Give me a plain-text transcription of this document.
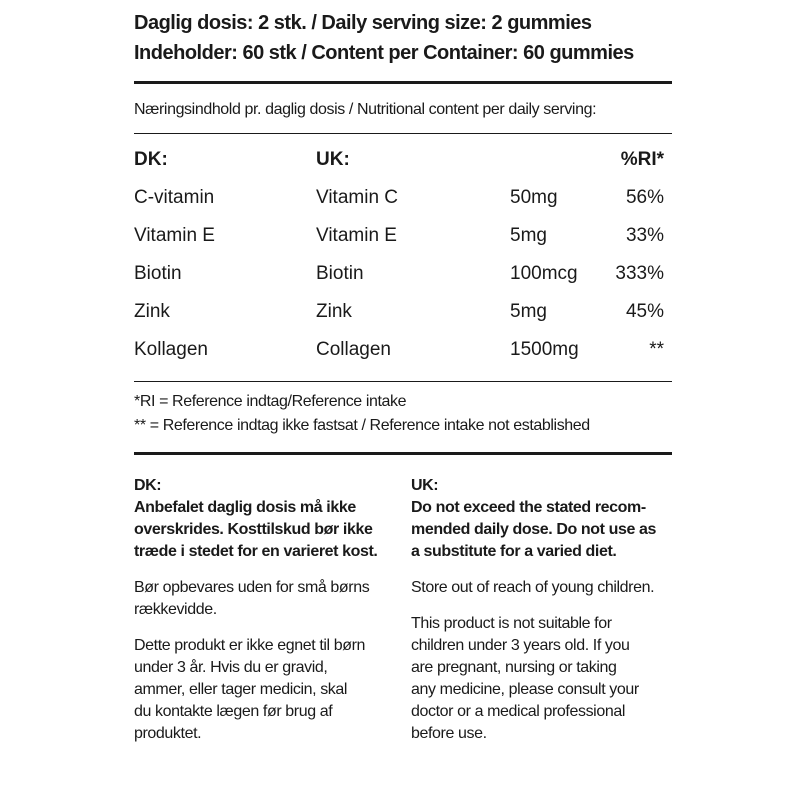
Daglig dosis: 2 stk. / Daily serving size: 2 gummies
Indeholder: 60 stk / Content per Container: 60 gummies
Næringsindhold pr. daglig dosis / Nutritional content per daily serving:
DK:	UK:		%RI*
C-vitamin	Vitamin C	50mg	56%
Vitamin E	Vitamin E	5mg	33%
Biotin	Biotin	100mcg	333%
Zink	Zink	5mg	45%
Kollagen	Collagen	1500mg	**
*RI = Reference indtag/Reference intake
** = Reference indtag ikke fastsat / Reference intake not established
DK:
Anbefalet daglig dosis må ikke
overskrides. Kosttilskud bør ikke
træde i stedet for en varieret kost.
Bør opbevares uden for små børns
rækkevidde.
Dette produkt er ikke egnet til børn
under 3 år. Hvis du er gravid,
ammer, eller tager medicin, skal
du kontakte lægen før brug af
produktet.
UK:
Do not exceed the stated recom-
mended daily dose. Do not use as
a substitute for a varied diet.
Store out of reach of young children.
This product is not suitable for
children under 3 years old. If you
are pregnant, nursing or taking
any medicine, please consult your
doctor or a medical professional
before use.
